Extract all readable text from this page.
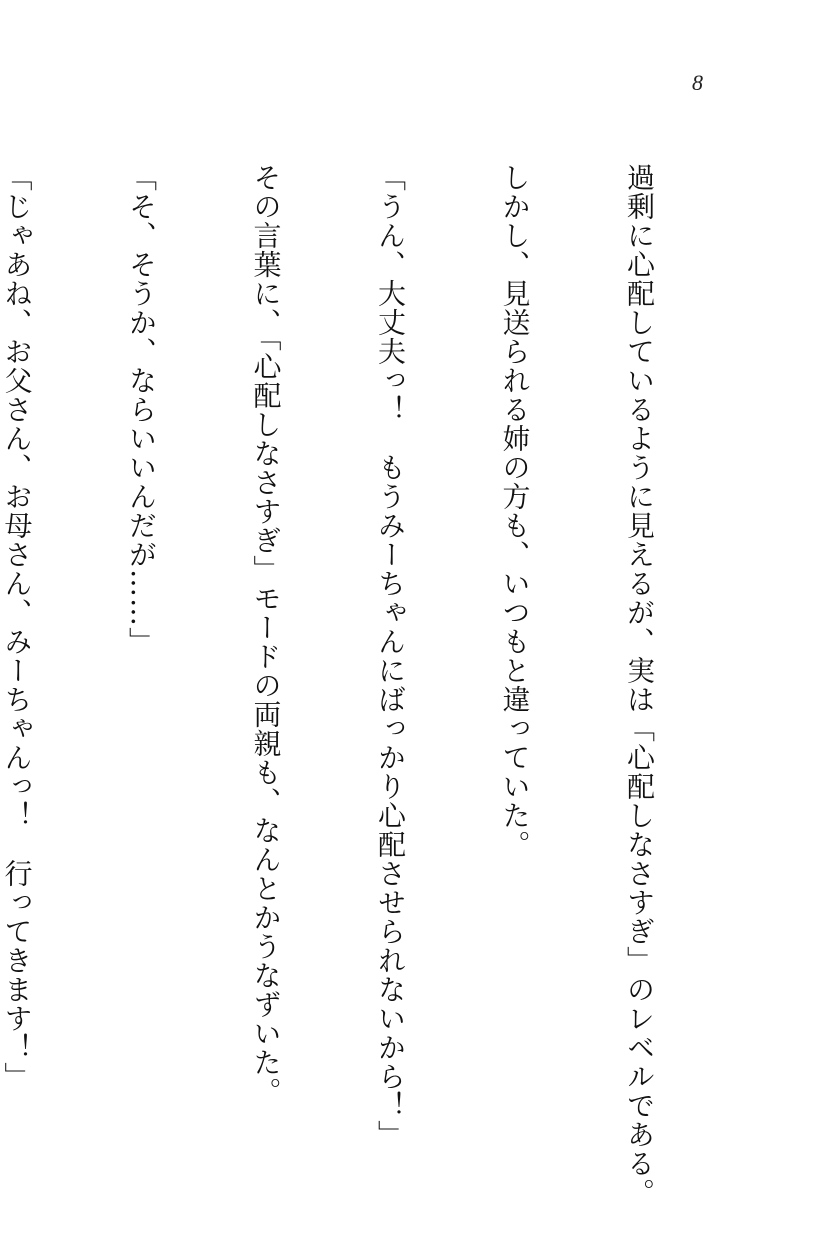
8

過剰に心配しているように見えるが、実は「心配しなさすぎ」のレベルである。

しかし、見送られる姉の方も、いつもと違っていた。

「うん、大丈夫っ！　もうみーちゃんにばっかり心配させられないから！」

その言葉に、「心配しなさすぎ」モードの両親も、なんとかうなずいた。

「そ、そうか、ならいいんだが……」

「じゃあね、お父さん、お母さん、みーちゃんっ！　行ってきます！」
